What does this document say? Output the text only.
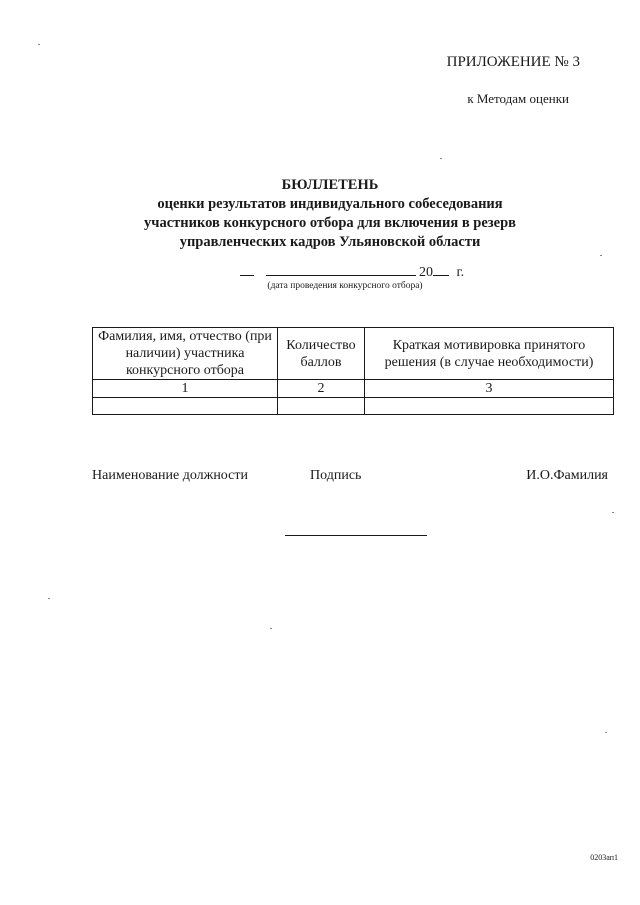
ПРИЛОЖЕНИЕ № 3
к Методам оценки
БЮЛЛЕТЕНЬ
оценки результатов индивидуального собеседования
участников конкурсного отбора для включения в резерв
управленческих кадров Ульяновской области
20 г.
(дата проведения конкурсного отбора)
Фамилия, имя, отчество (при наличии) участника конкурсного отбора	Количество баллов	Краткая мотивировка принятого решения (в случае необходимости)
1	2	3

Наименование должности	Подпись	И.О.Фамилия
0203ап1
